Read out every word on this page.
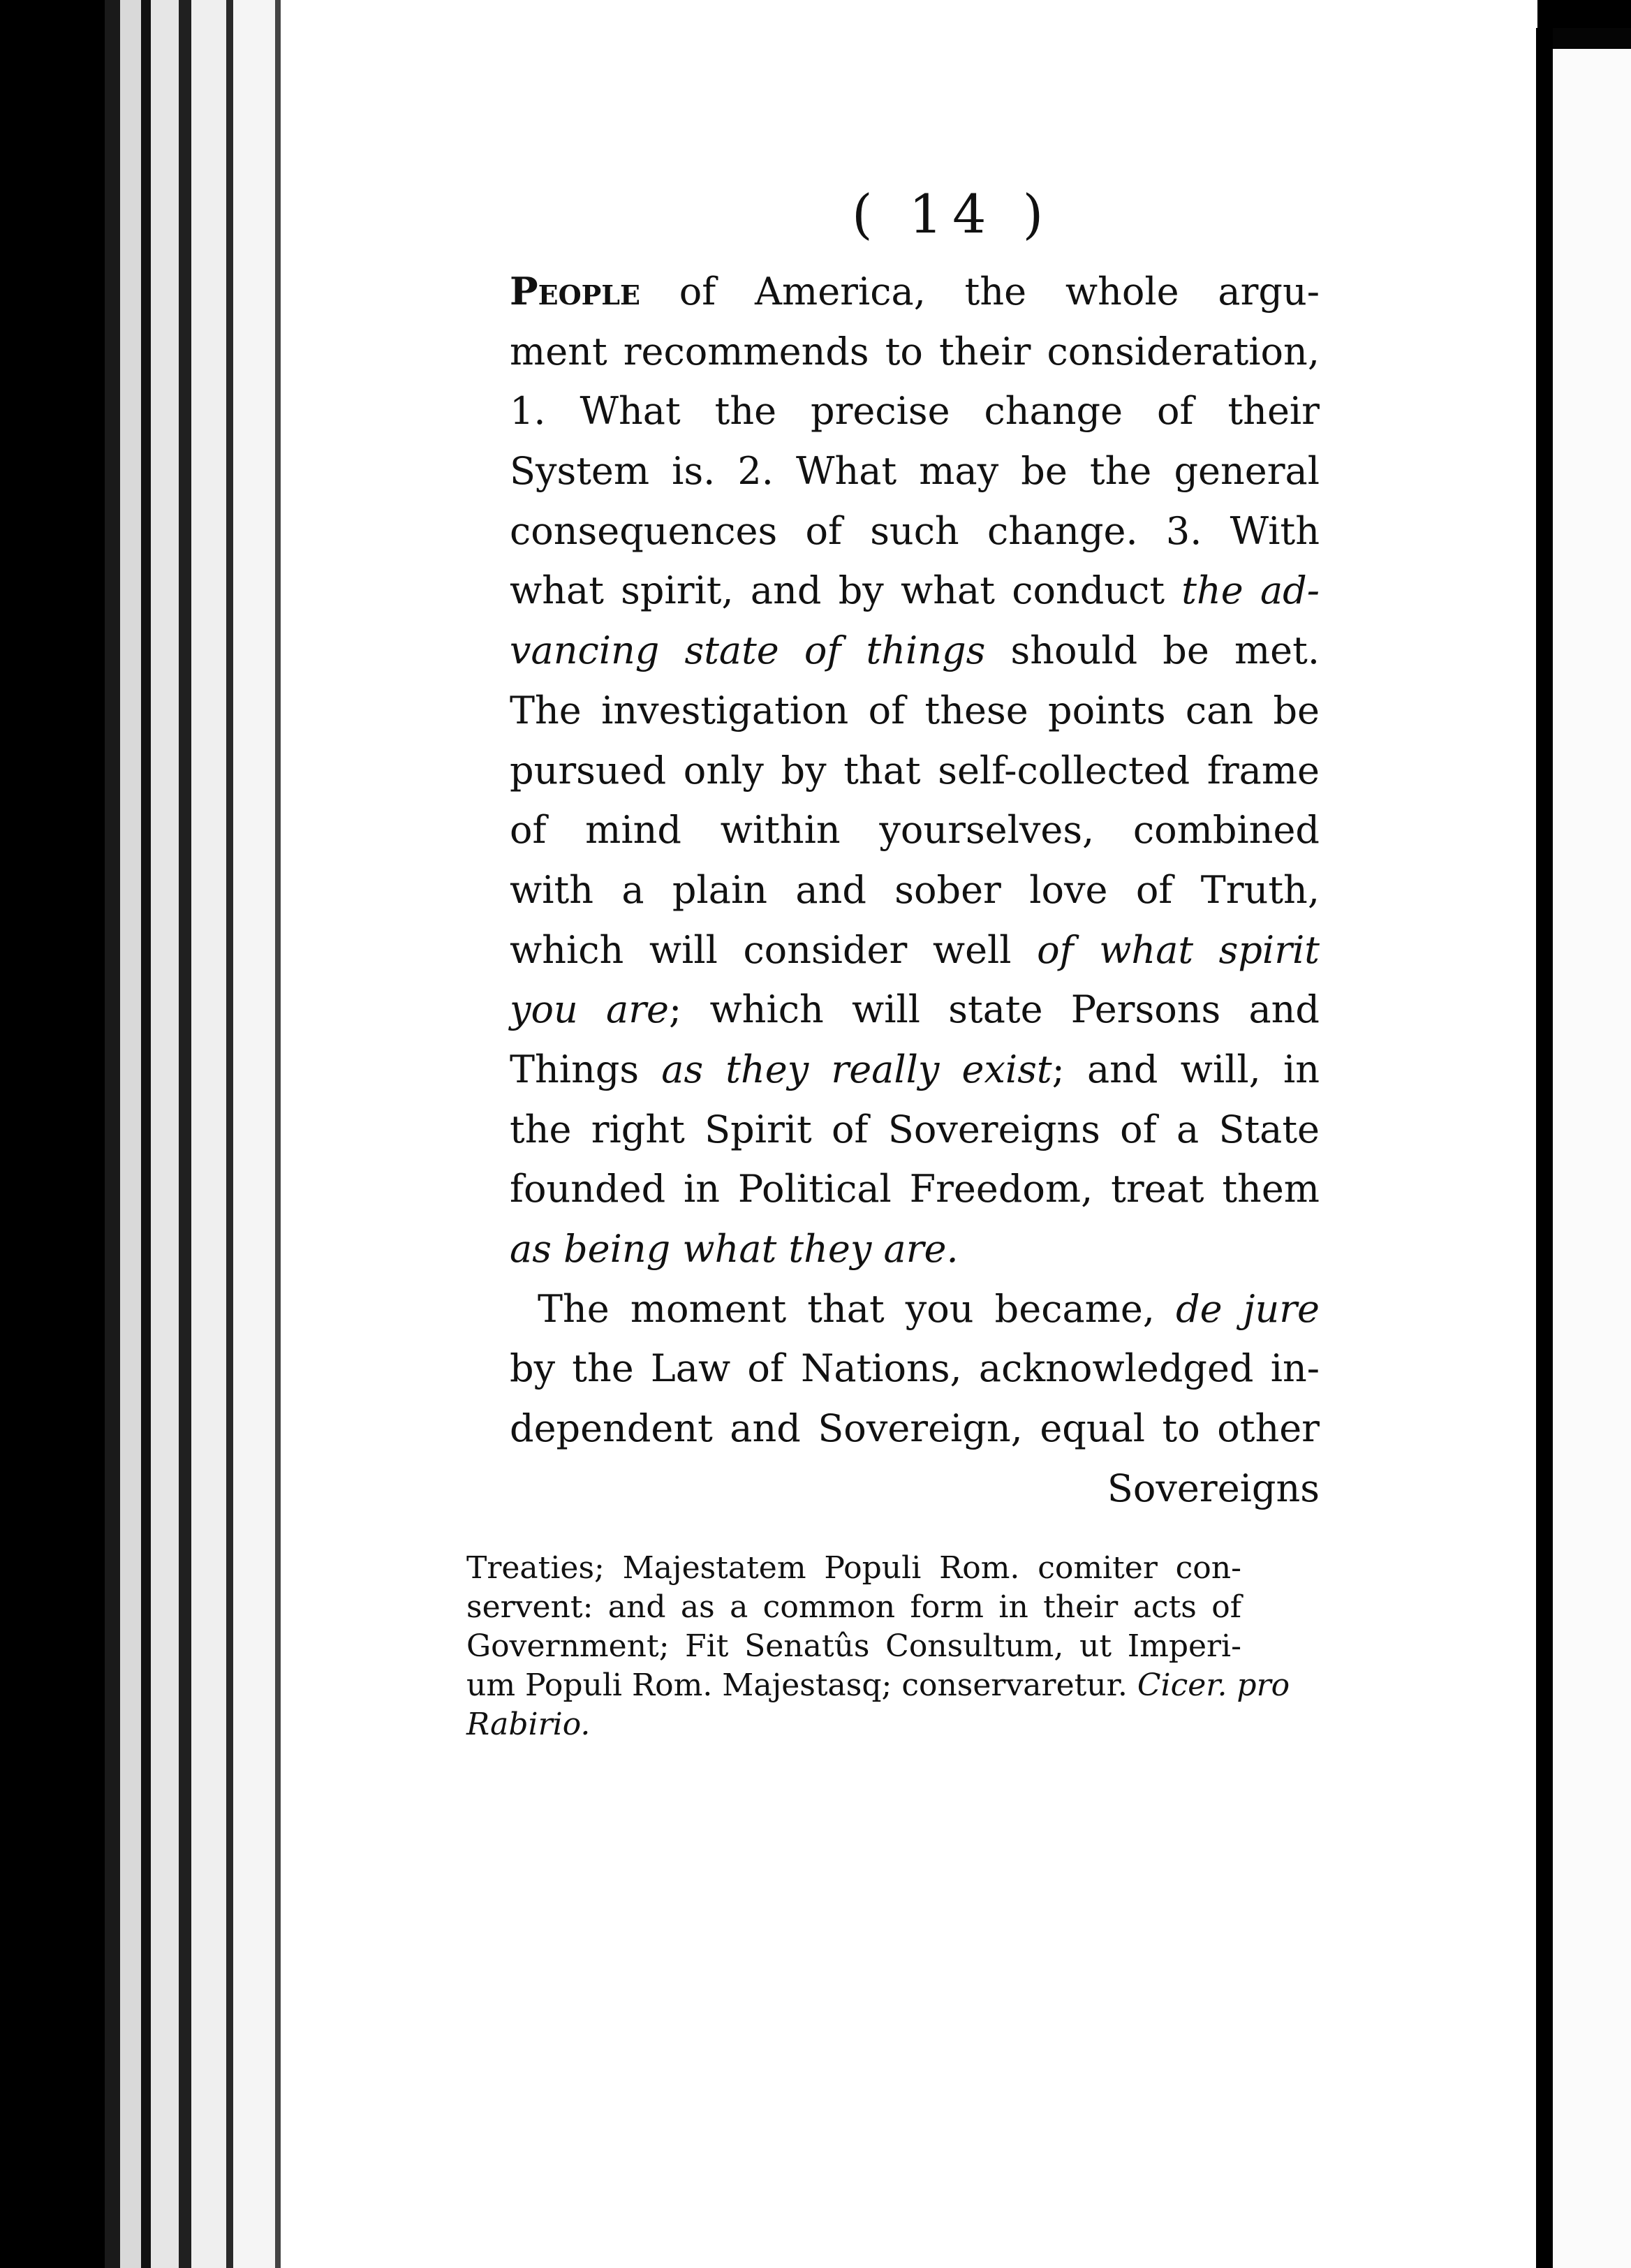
( 14 )
People of America, the whole argu-
ment recommends to their consideration,
1. What the precise change of their
System is. 2. What may be the general
consequences of such change. 3. With
what spirit, and by what conduct the ad-
vancing state of things should be met.
The investigation of these points can be
pursued only by that self-collected frame
of mind within yourselves, combined
with a plain and sober love of Truth,
which will consider well of what spirit
you are; which will state Persons and
Things as they really exist; and will, in
the right Spirit of Sovereigns of a State
founded in Political Freedom, treat them
as being what they are.
The moment that you became, de jure
by the Law of Nations, acknowledged in-
dependent and Sovereign, equal to other
Sovereigns
Treaties; Majestatem Populi Rom. comiter con-
servent: and as a common form in their acts of
Government; Fit Senatûs Consultum, ut Imperi-
um Populi Rom. Majestasq; conservaretur. Cicer. pro
Rabirio.
